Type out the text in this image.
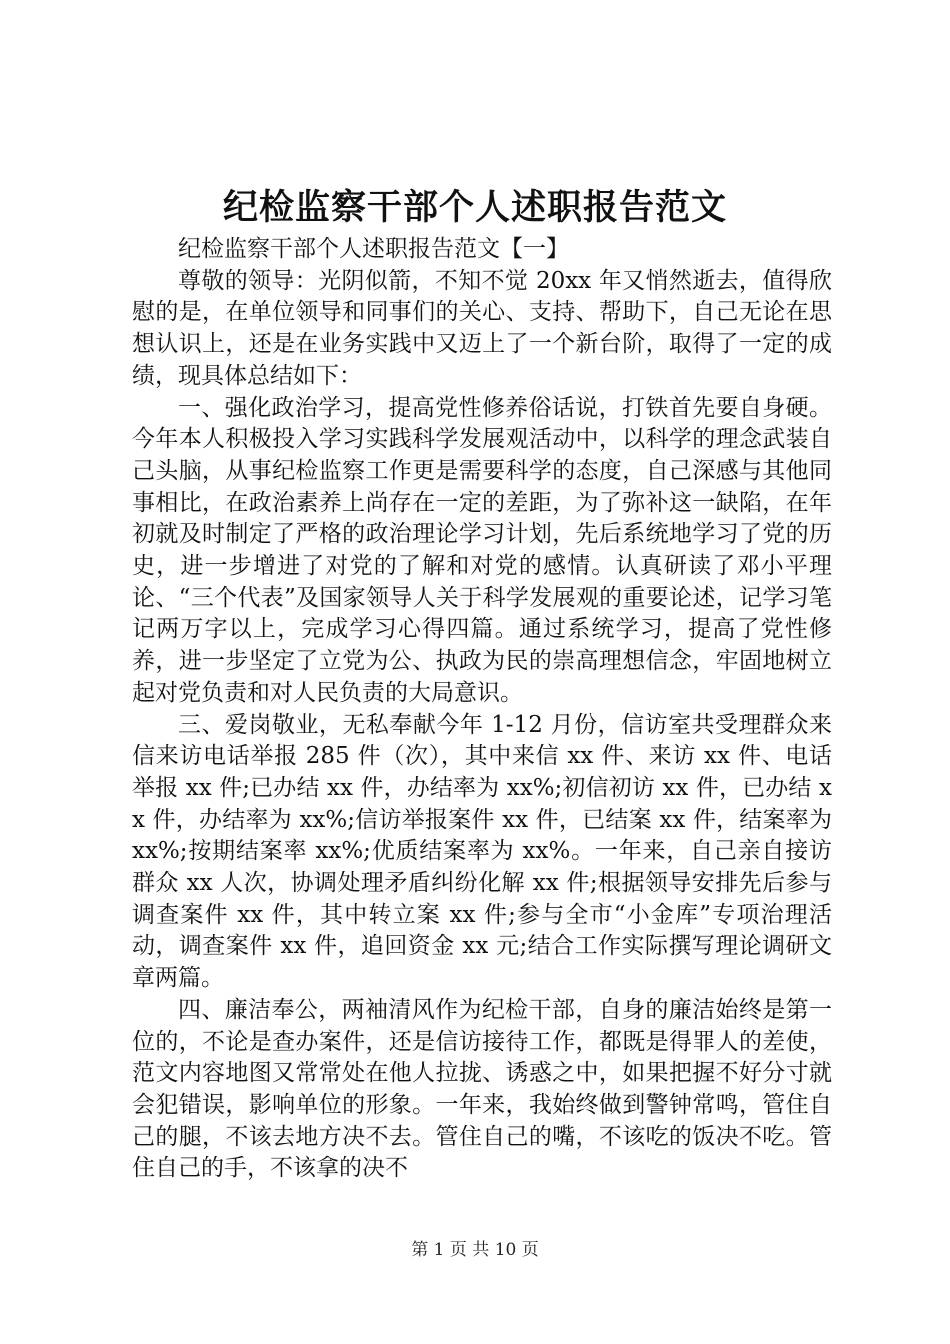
纪检监察干部个人述职报告范文

纪检监察干部个人述职报告范文【一】

尊敬的领导：光阴似箭，不知不觉 20xx 年又悄然逝去，值得欣慰的是，在单位领导和同事们的关心、支持、帮助下，自己无论在思想认识上，还是在业务实践中又迈上了一个新台阶，取得了一定的成绩，现具体总结如下：

一、强化政治学习，提高党性修养俗话说，打铁首先要自身硬。今年本人积极投入学习实践科学发展观活动中，以科学的理念武装自己头脑，从事纪检监察工作更是需要科学的态度，自己深感与其他同事相比，在政治素养上尚存在一定的差距，为了弥补这一缺陷，在年初就及时制定了严格的政治理论学习计划，先后系统地学习了党的历史，进一步增进了对党的了解和对党的感情。认真研读了邓小平理论、“三个代表”及国家领导人关于科学发展观的重要论述，记学习笔记两万字以上，完成学习心得四篇。通过系统学习，提高了党性修养，进一步坚定了立党为公、执政为民的崇高理想信念，牢固地树立起对党负责和对人民负责的大局意识。

三、爱岗敬业，无私奉献今年 1-12 月份，信访室共受理群众来信来访电话举报 285 件（次），其中来信 xx 件、来访 xx 件、电话举报 xx 件;已办结 xx 件，办结率为 xx%;初信初访 xx 件，已办结 xx 件，办结率为 xx%;信访举报案件 xx 件，已结案 xx 件，结案率为 xx%;按期结案率 xx%;优质结案率为 xx%。一年来，自己亲自接访群众 xx 人次，协调处理矛盾纠纷化解 xx 件;根据领导安排先后参与调查案件 xx 件，其中转立案 xx 件;参与全市“小金库”专项治理活动，调查案件 xx 件，追回资金 xx 元;结合工作实际撰写理论调研文章两篇。

四、廉洁奉公，两袖清风作为纪检干部，自身的廉洁始终是第一位的，不论是查办案件，还是信访接待工作，都既是得罪人的差使，范文内容地图又常常处在他人拉拢、诱惑之中，如果把握不好分寸就会犯错误，影响单位的形象。一年来，我始终做到警钟常鸣，管住自己的腿，不该去地方决不去。管住自己的嘴，不该吃的饭决不吃。管住自己的手，不该拿的决不

第 1 页 共 10 页
